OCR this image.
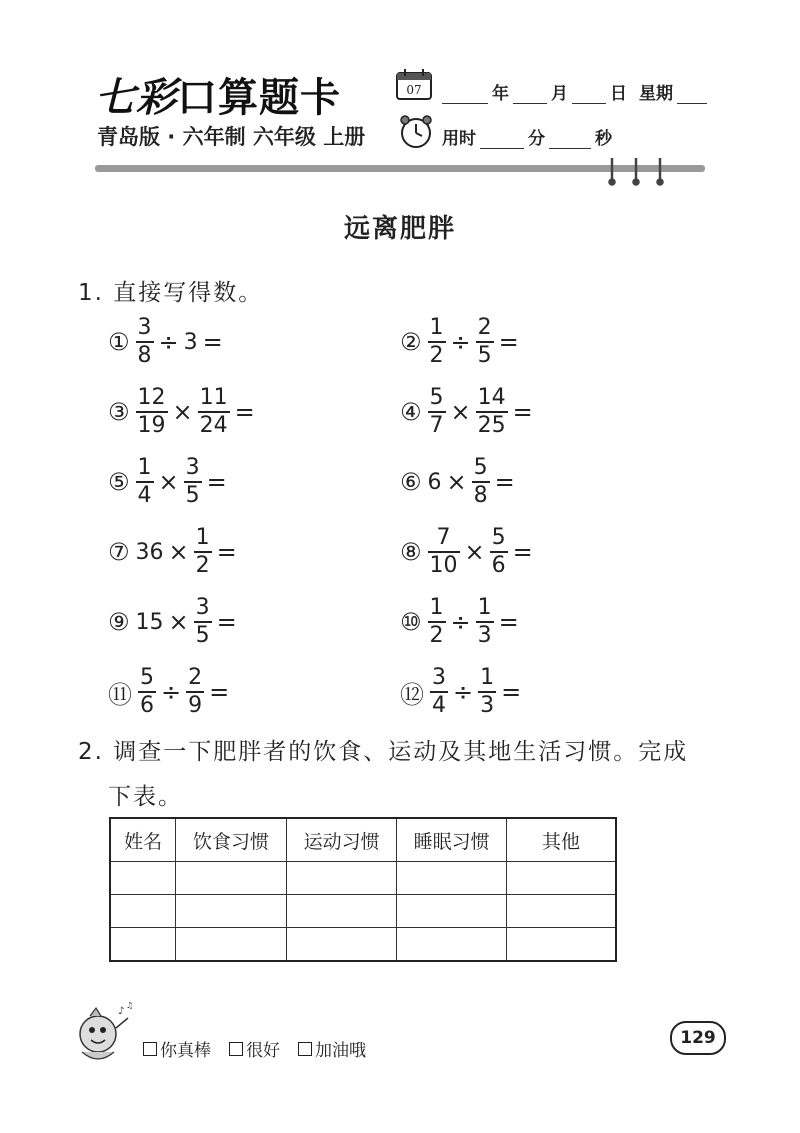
七彩口算题卡
青岛版 · 六年制 六年级 上册
07	年 月 日 星期
用时	分	秒
远离肥胖
1. 直接写得数。
① $\frac{3}{8} \div 3$ =	② $\frac{1}{2} \div \frac{2}{5}$ =
③ $\frac{12}{19} \times \frac{11}{24}$ =	④ $\frac{5}{7} \times \frac{14}{25}$ =
⑤ $\frac{1}{4} \times \frac{3}{5}$ =	⑥ $6 \times \frac{5}{8}$ =
⑦ $36 \times \frac{1}{2}$ =	⑧ $\frac{7}{10} \times \frac{5}{6}$ =
⑨ $15 \times \frac{3}{5}$ =	⑩ $\frac{1}{2} \div \frac{1}{3}$ =
⑪ $\frac{5}{6} \div \frac{2}{9}$ =	⑫ $\frac{3}{4} \div \frac{1}{3}$ =
2. 调查一下肥胖者的饮食、运动及其地生活习惯。完成
下表。
姓名	饮食习惯	运动习惯	睡眠习惯	其他

♪
♫
你真棒 很好 加油哦
129
